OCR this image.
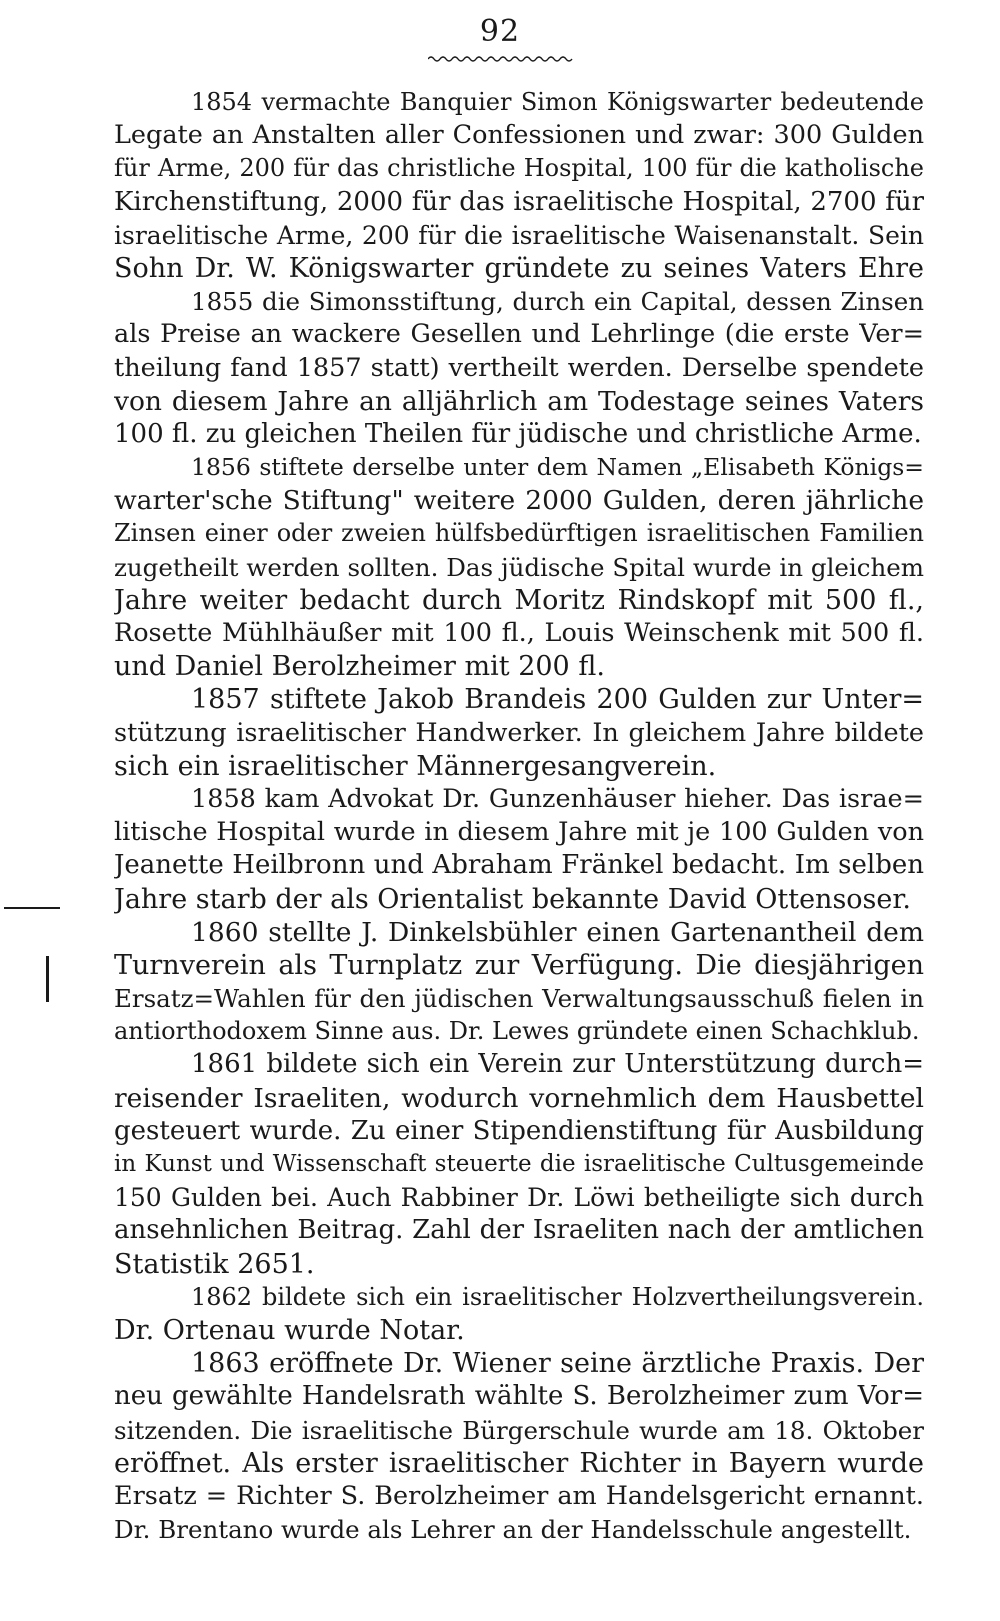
92
1854 vermachte Banquier Simon Königswarter bedeutende
Legate an Anstalten aller Confessionen und zwar: 300 Gulden
für Arme, 200 für das christliche Hospital, 100 für die katholische
Kirchenstiftung, 2000 für das israelitische Hospital, 2700 für
israelitische Arme, 200 für die israelitische Waisenanstalt. Sein
Sohn Dr. W. Königswarter gründete zu seines Vaters Ehre
1855 die Simonsstiftung, durch ein Capital, dessen Zinsen
als Preise an wackere Gesellen und Lehrlinge (die erste Ver=
theilung fand 1857 statt) vertheilt werden. Derselbe spendete
von diesem Jahre an alljährlich am Todestage seines Vaters
100 fl. zu gleichen Theilen für jüdische und christliche Arme.
1856 stiftete derselbe unter dem Namen „Elisabeth Königs=
warter'sche Stiftung" weitere 2000 Gulden, deren jährliche
Zinsen einer oder zweien hülfsbedürftigen israelitischen Familien
zugetheilt werden sollten. Das jüdische Spital wurde in gleichem
Jahre weiter bedacht durch Moritz Rindskopf mit 500 fl.,
Rosette Mühlhäußer mit 100 fl., Louis Weinschenk mit 500 fl.
und Daniel Berolzheimer mit 200 fl.
1857 stiftete Jakob Brandeis 200 Gulden zur Unter=
stützung israelitischer Handwerker. In gleichem Jahre bildete
sich ein israelitischer Männergesangverein.
1858 kam Advokat Dr. Gunzenhäuser hieher. Das israe=
litische Hospital wurde in diesem Jahre mit je 100 Gulden von
Jeanette Heilbronn und Abraham Fränkel bedacht. Im selben
Jahre starb der als Orientalist bekannte David Ottensoser.
1860 stellte J. Dinkelsbühler einen Gartenantheil dem
Turnverein als Turnplatz zur Verfügung. Die diesjährigen
Ersatz=Wahlen für den jüdischen Verwaltungsausschuß fielen in
antiorthodoxem Sinne aus. Dr. Lewes gründete einen Schachklub.
1861 bildete sich ein Verein zur Unterstützung durch=
reisender Israeliten, wodurch vornehmlich dem Hausbettel
gesteuert wurde. Zu einer Stipendienstiftung für Ausbildung
in Kunst und Wissenschaft steuerte die israelitische Cultusgemeinde
150 Gulden bei. Auch Rabbiner Dr. Löwi betheiligte sich durch
ansehnlichen Beitrag. Zahl der Israeliten nach der amtlichen
Statistik 2651.
1862 bildete sich ein israelitischer Holzvertheilungsverein.
Dr. Ortenau wurde Notar.
1863 eröffnete Dr. Wiener seine ärztliche Praxis. Der
neu gewählte Handelsrath wählte S. Berolzheimer zum Vor=
sitzenden. Die israelitische Bürgerschule wurde am 18. Oktober
eröffnet. Als erster israelitischer Richter in Bayern wurde
Ersatz = Richter S. Berolzheimer am Handelsgericht ernannt.
Dr. Brentano wurde als Lehrer an der Handelsschule angestellt.
